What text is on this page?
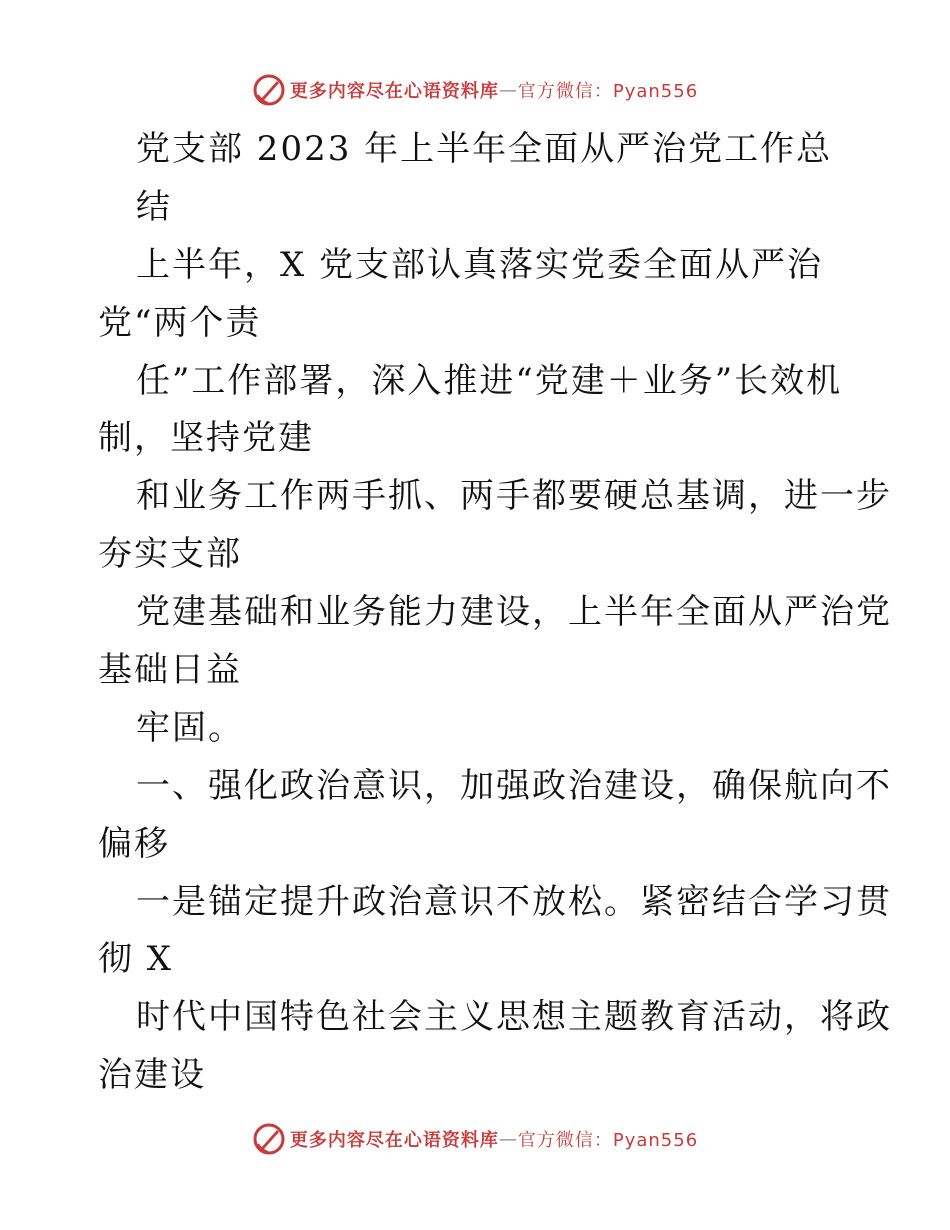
更多内容尽在心语资料库 — 官方微信：Pyan556
党支部 2023 年上半年全面从严治党工作总
结
上半年，X 党支部认真落实党委全面从严治
党“两个责
任”工作部署，深入推进“党建＋业务”长效机
制，坚持党建
和业务工作两手抓、两手都要硬总基调，进一步
夯实支部
党建基础和业务能力建设，上半年全面从严治党
基础日益
牢固。
一、强化政治意识，加强政治建设，确保航向不
偏移
一是锚定提升政治意识不放松。紧密结合学习贯
彻 X
时代中国特色社会主义思想主题教育活动，将政
治建设
更多内容尽在心语资料库 — 官方微信：Pyan556
